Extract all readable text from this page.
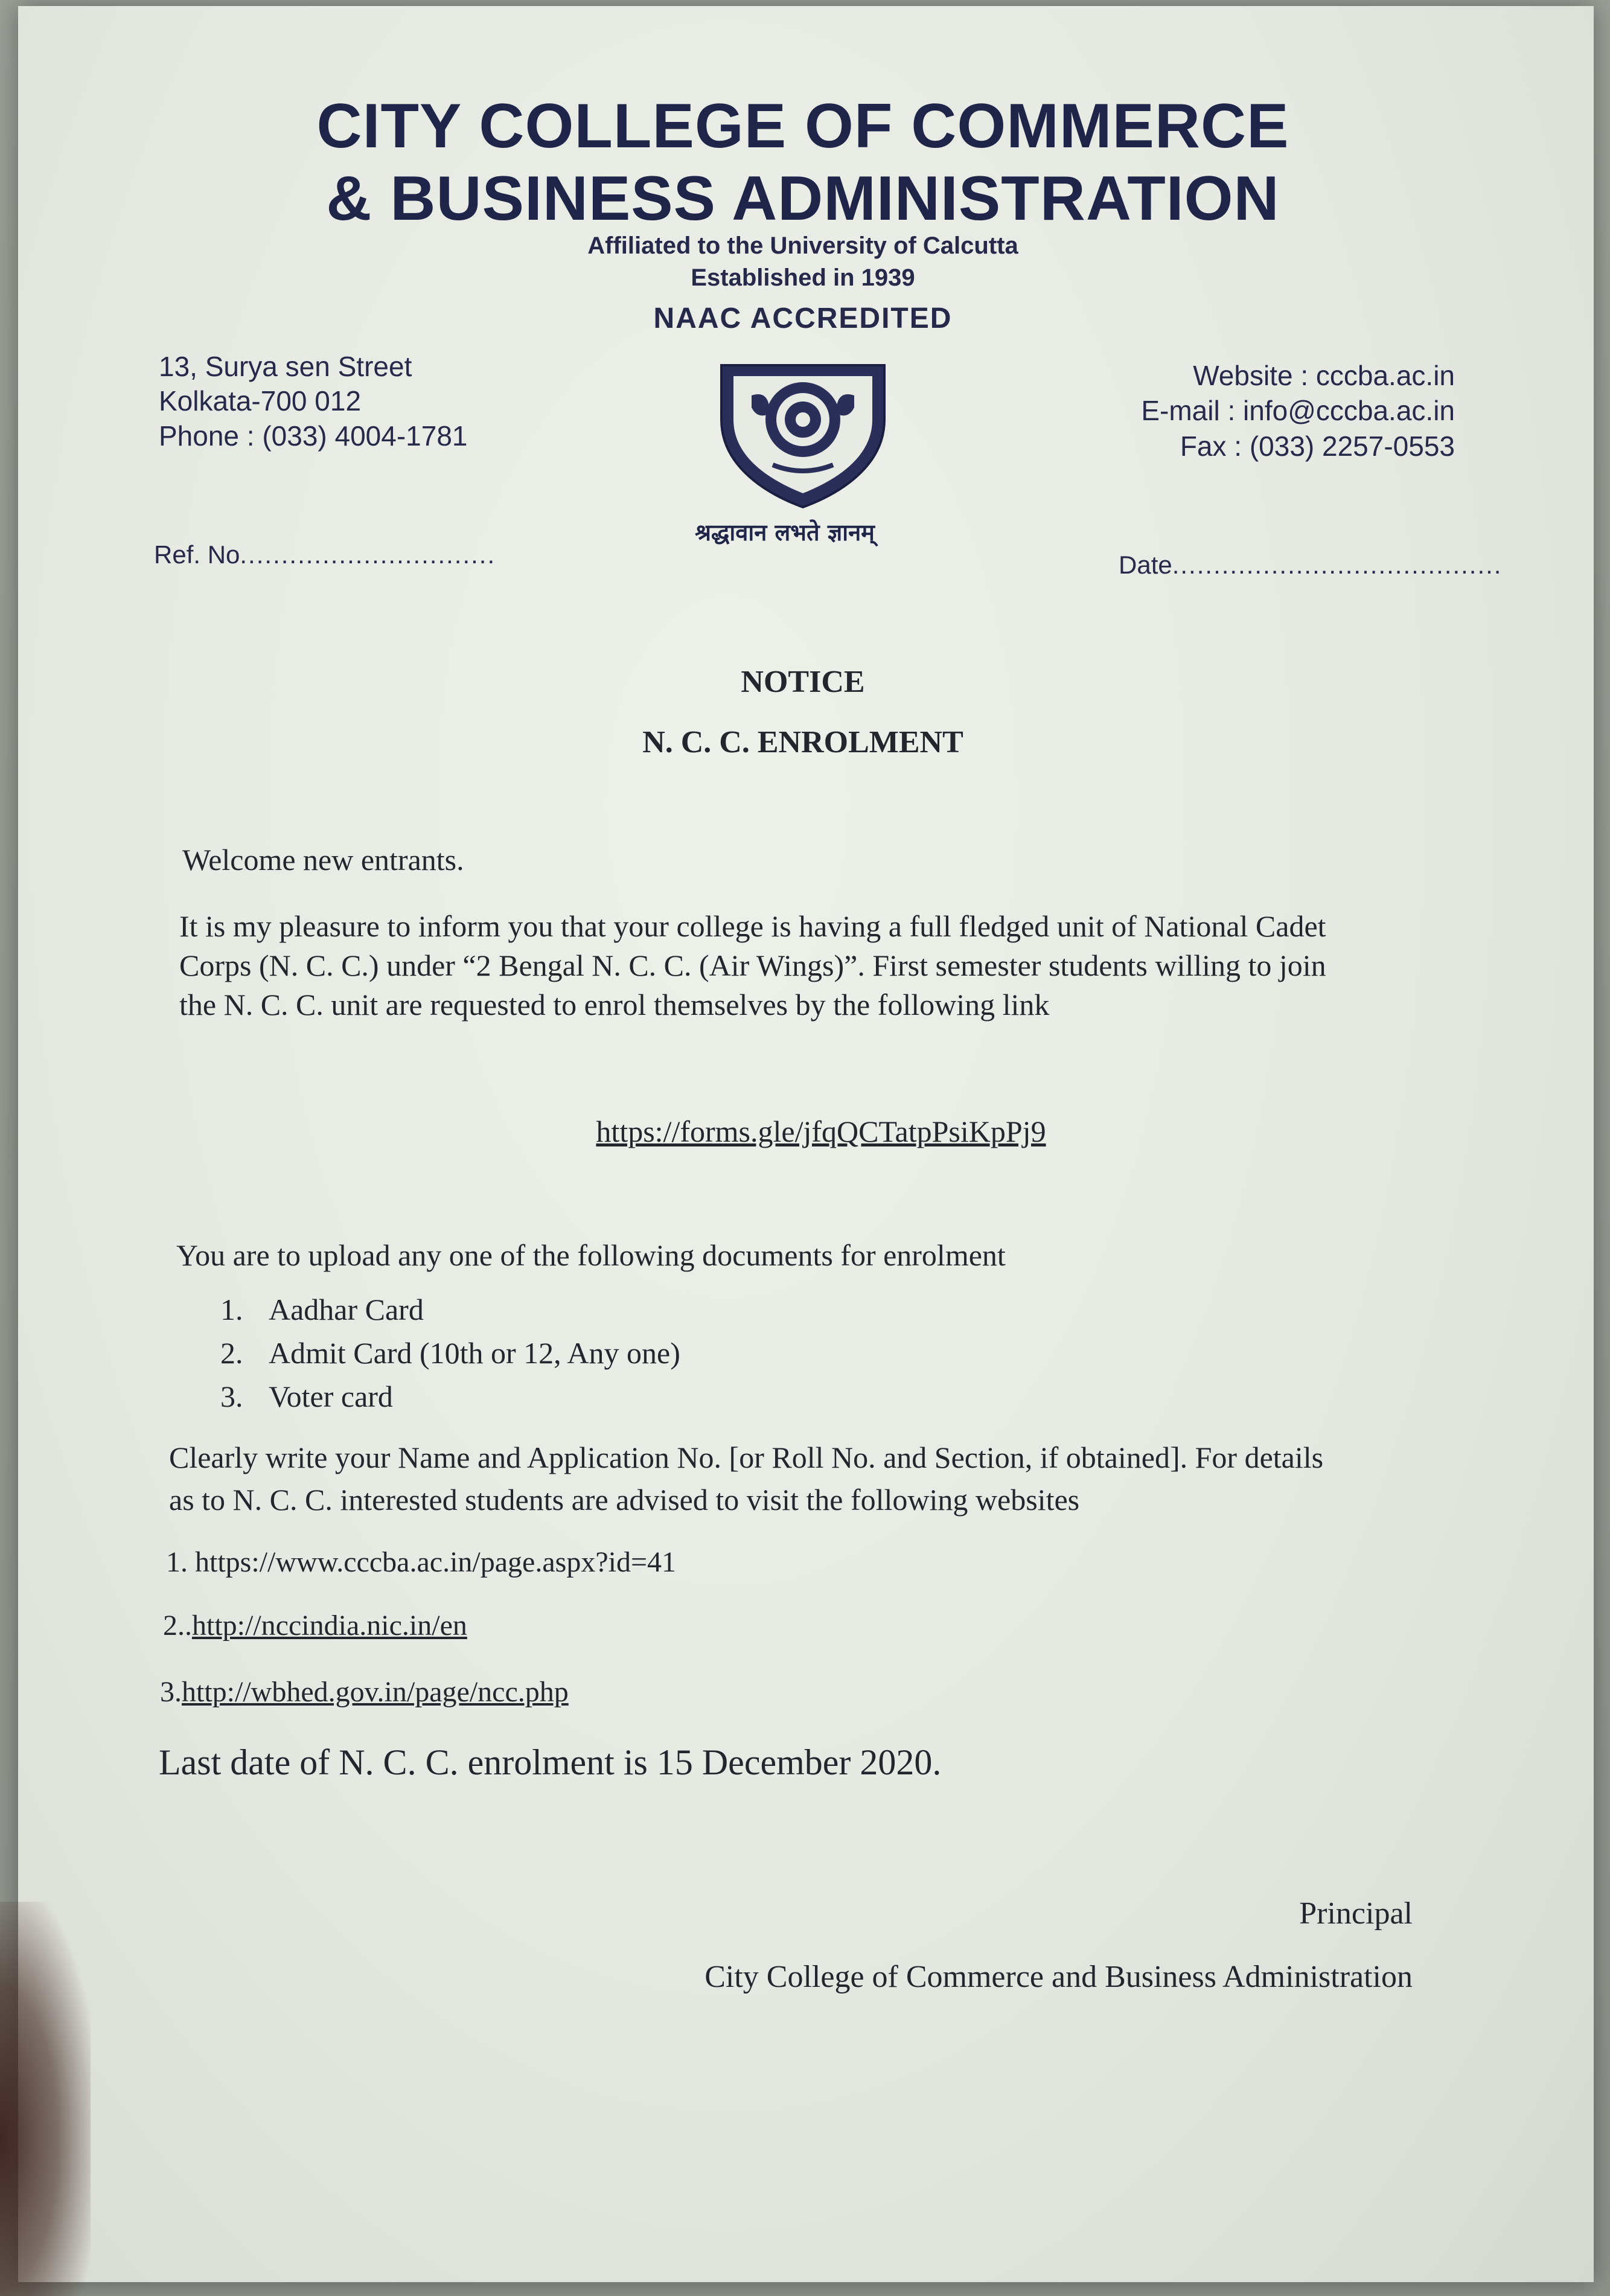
CITY COLLEGE OF COMMERCE
& BUSINESS ADMINISTRATION
Affiliated to the University of Calcutta
Established in 1939
NAAC ACCREDITED
13, Surya sen Street
Kolkata-700 012
Phone : (033) 4004-1781
Website : cccba.ac.in
E-mail : info@cccba.ac.in
Fax : (033) 2257-0553
श्रद्धावान लभते ज्ञानम्
Ref. No...............................	Date........................................
NOTICE
N. C. C. ENROLMENT
Welcome new entrants.
It is my pleasure to inform you that your college is having a full fledged unit of National Cadet
Corps (N. C. C.) under “2 Bengal N. C. C. (Air Wings)”. First semester students willing to join
the N. C. C. unit are requested to enrol themselves by the following link
https://forms.gle/jfqQCTatpPsiKpPj9
You are to upload any one of the following documents for enrolment
1. Aadhar Card
2. Admit Card (10th or 12, Any one)
3. Voter card
Clearly write your Name and Application No. [or Roll No. and Section, if obtained]. For details
as to N. C. C. interested students are advised to visit the following websites
1. https://www.cccba.ac.in/page.aspx?id=41
2..http://nccindia.nic.in/en
3.http://wbhed.gov.in/page/ncc.php
Last date of N. C. C. enrolment is 15 December 2020.
Principal
City College of Commerce and Business Administration
